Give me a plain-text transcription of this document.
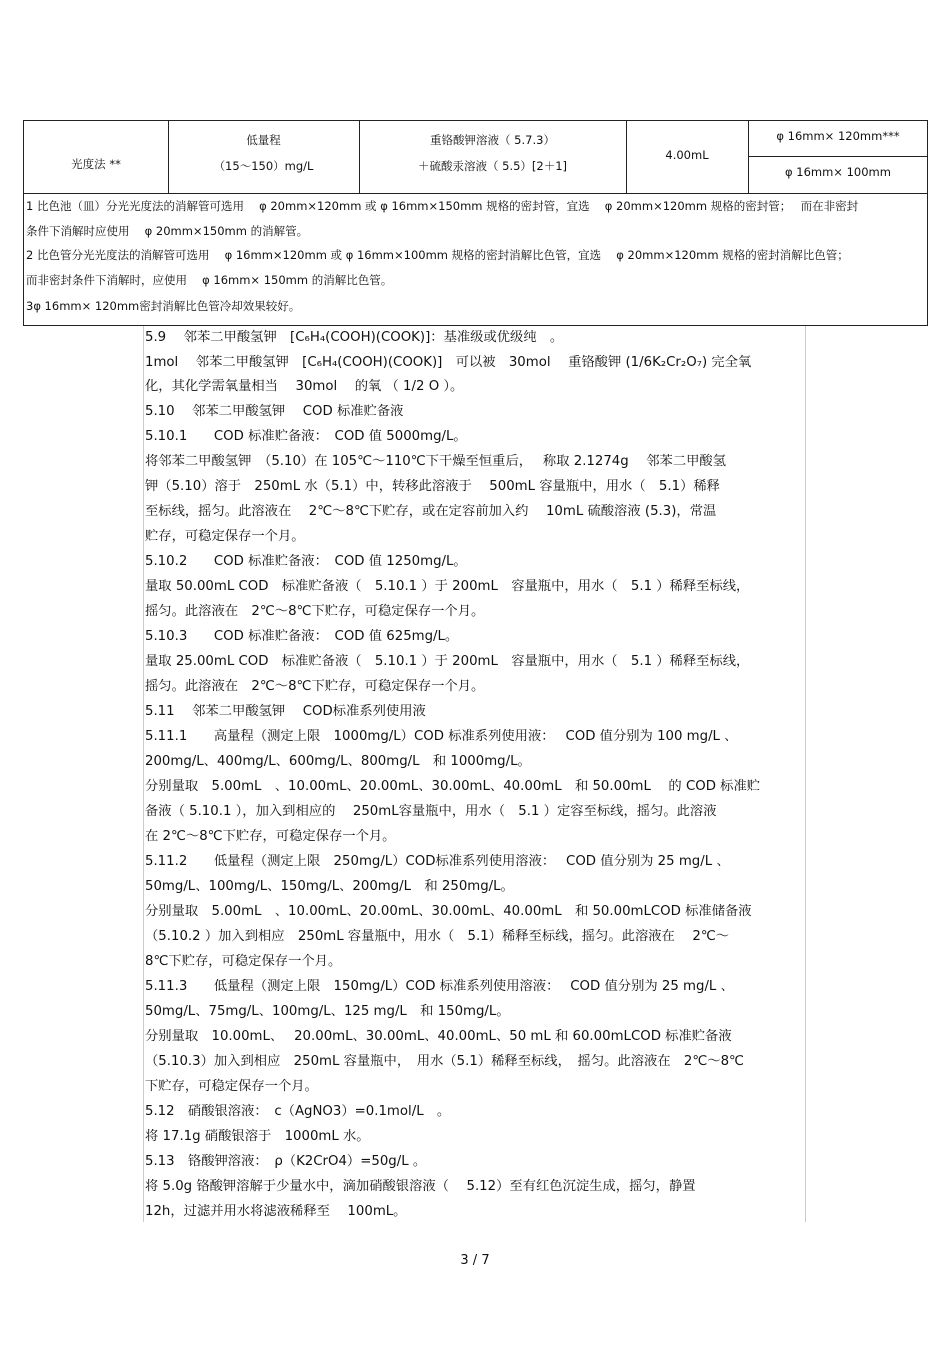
光度法 **
低量程
（15～150）mg/L
重铬酸钾溶液（ 5.7.3）
＋硫酸汞溶液（ 5.5）[2＋1]
4.00mL
φ 16mm× 120mm***
φ 16mm× 100mm
1 比色池（皿）分光光度法的消解管可选用　 φ 20mm×120mm 或 φ 16mm×150mm 规格的密封管，宜选　 φ 20mm×120mm 规格的密封管；　 而在非密封
条件下消解时应使用　 φ 20mm×150mm 的消解管。
2 比色管分光光度法的消解管可选用　 φ 16mm×120mm 或 φ 16mm×100mm 规格的密封消解比色管，宜选　 φ 20mm×120mm 规格的密封消解比色管；
而非密封条件下消解时，应使用　 φ 16mm× 150mm 的消解比色管。
3φ 16mm× 120mm密封消解比色管冷却效果较好。
5.9　 邻苯二甲酸氢钾　[C₆H₄(COOH)(COOK)]：基准级或优级纯　。
1mol　 邻苯二甲酸氢钾　[C₆H₄(COOH)(COOK)]　可以被　30mol　 重铬酸钾 (1/6K₂Cr₂O₇) 完全氧
化，其化学需氧量相当　 30mol　 的氧 （ 1/2 O ）。
5.10　 邻苯二甲酸氢钾　 COD 标准贮备液
5.10.1　　COD 标准贮备液：　COD 值 5000mg/L。
将邻苯二甲酸氢钾　（5.10）在 105℃～110℃下干燥至恒重后，　 称取 2.1274g　 邻苯二甲酸氢
钾（5.10）溶于　250mL 水（5.1）中，转移此溶液于　 500mL 容量瓶中，用水（　5.1）稀释
至标线，摇匀。此溶液在　 2℃～8℃下贮存，或在定容前加入约　 10mL 硫酸溶液 (5.3)，常温
贮存，可稳定保存一个月。
5.10.2　　COD 标准贮备液：　COD 值 1250mg/L。
量取 50.00mL COD　标准贮备液（　5.10.1 ）于 200mL　容量瓶中，用水（　5.1 ）稀释至标线，
摇匀。此溶液在　2℃～8℃下贮存，可稳定保存一个月。
5.10.3　　COD 标准贮备液：　COD 值 625mg/L。
量取 25.00mL COD　标准贮备液（　5.10.1 ）于 200mL　容量瓶中，用水（　5.1 ）稀释至标线，
摇匀。此溶液在　2℃～8℃下贮存，可稳定保存一个月。
5.11　 邻苯二甲酸氢钾　 COD标准系列使用液
5.11.1　　高量程（测定上限　1000mg/L）COD 标准系列使用液：　 COD 值分别为 100 mg/L 、
200mg/L、400mg/L、600mg/L、800mg/L　和 1000mg/L。
分别量取　5.00mL　、10.00mL、20.00mL、30.00mL、40.00mL　和 50.00mL　 的 COD 标准贮
备液（ 5.10.1 ），加入到相应的　 250mL容量瓶中，用水（　5.1 ）定容至标线，摇匀。此溶液
在 2℃～8℃下贮存，可稳定保存一个月。
5.11.2　　低量程（测定上限　250mg/L）COD标准系列使用溶液：　 COD 值分别为 25 mg/L 、
50mg/L、100mg/L、150mg/L、200mg/L　和 250mg/L。
分别量取　5.00mL　、10.00mL、20.00mL、30.00mL、40.00mL　和 50.00mLCOD 标准储备液
（5.10.2 ）加入到相应　250mL 容量瓶中，用水（　5.1）稀释至标线，摇匀。此溶液在　 2℃～
8℃下贮存，可稳定保存一个月。
5.11.3　　低量程（测定上限　150mg/L）COD 标准系列使用溶液：　 COD 值分别为 25 mg/L 、
50mg/L、75mg/L、100mg/L、125 mg/L　和 150mg/L。
分别量取　10.00mL、　 20.00mL、30.00mL、40.00mL、50 mL 和 60.00mLCOD 标准贮备液
（5.10.3）加入到相应　250mL 容量瓶中，　用水（5.1）稀释至标线，　摇匀。此溶液在　2℃～8℃
下贮存，可稳定保存一个月。
5.12　硝酸银溶液：　c（AgNO3）=0.1mol/L　。
将 17.1g 硝酸银溶于　1000mL 水。
5.13　铬酸钾溶液：　ρ（K2CrO4）=50g/L 。
将 5.0g 铬酸钾溶解于少量水中，滴加硝酸银溶液（　 5.12）至有红色沉淀生成，摇匀，静置
12h，过滤并用水将滤液稀释至　 100mL。
3 / 7
